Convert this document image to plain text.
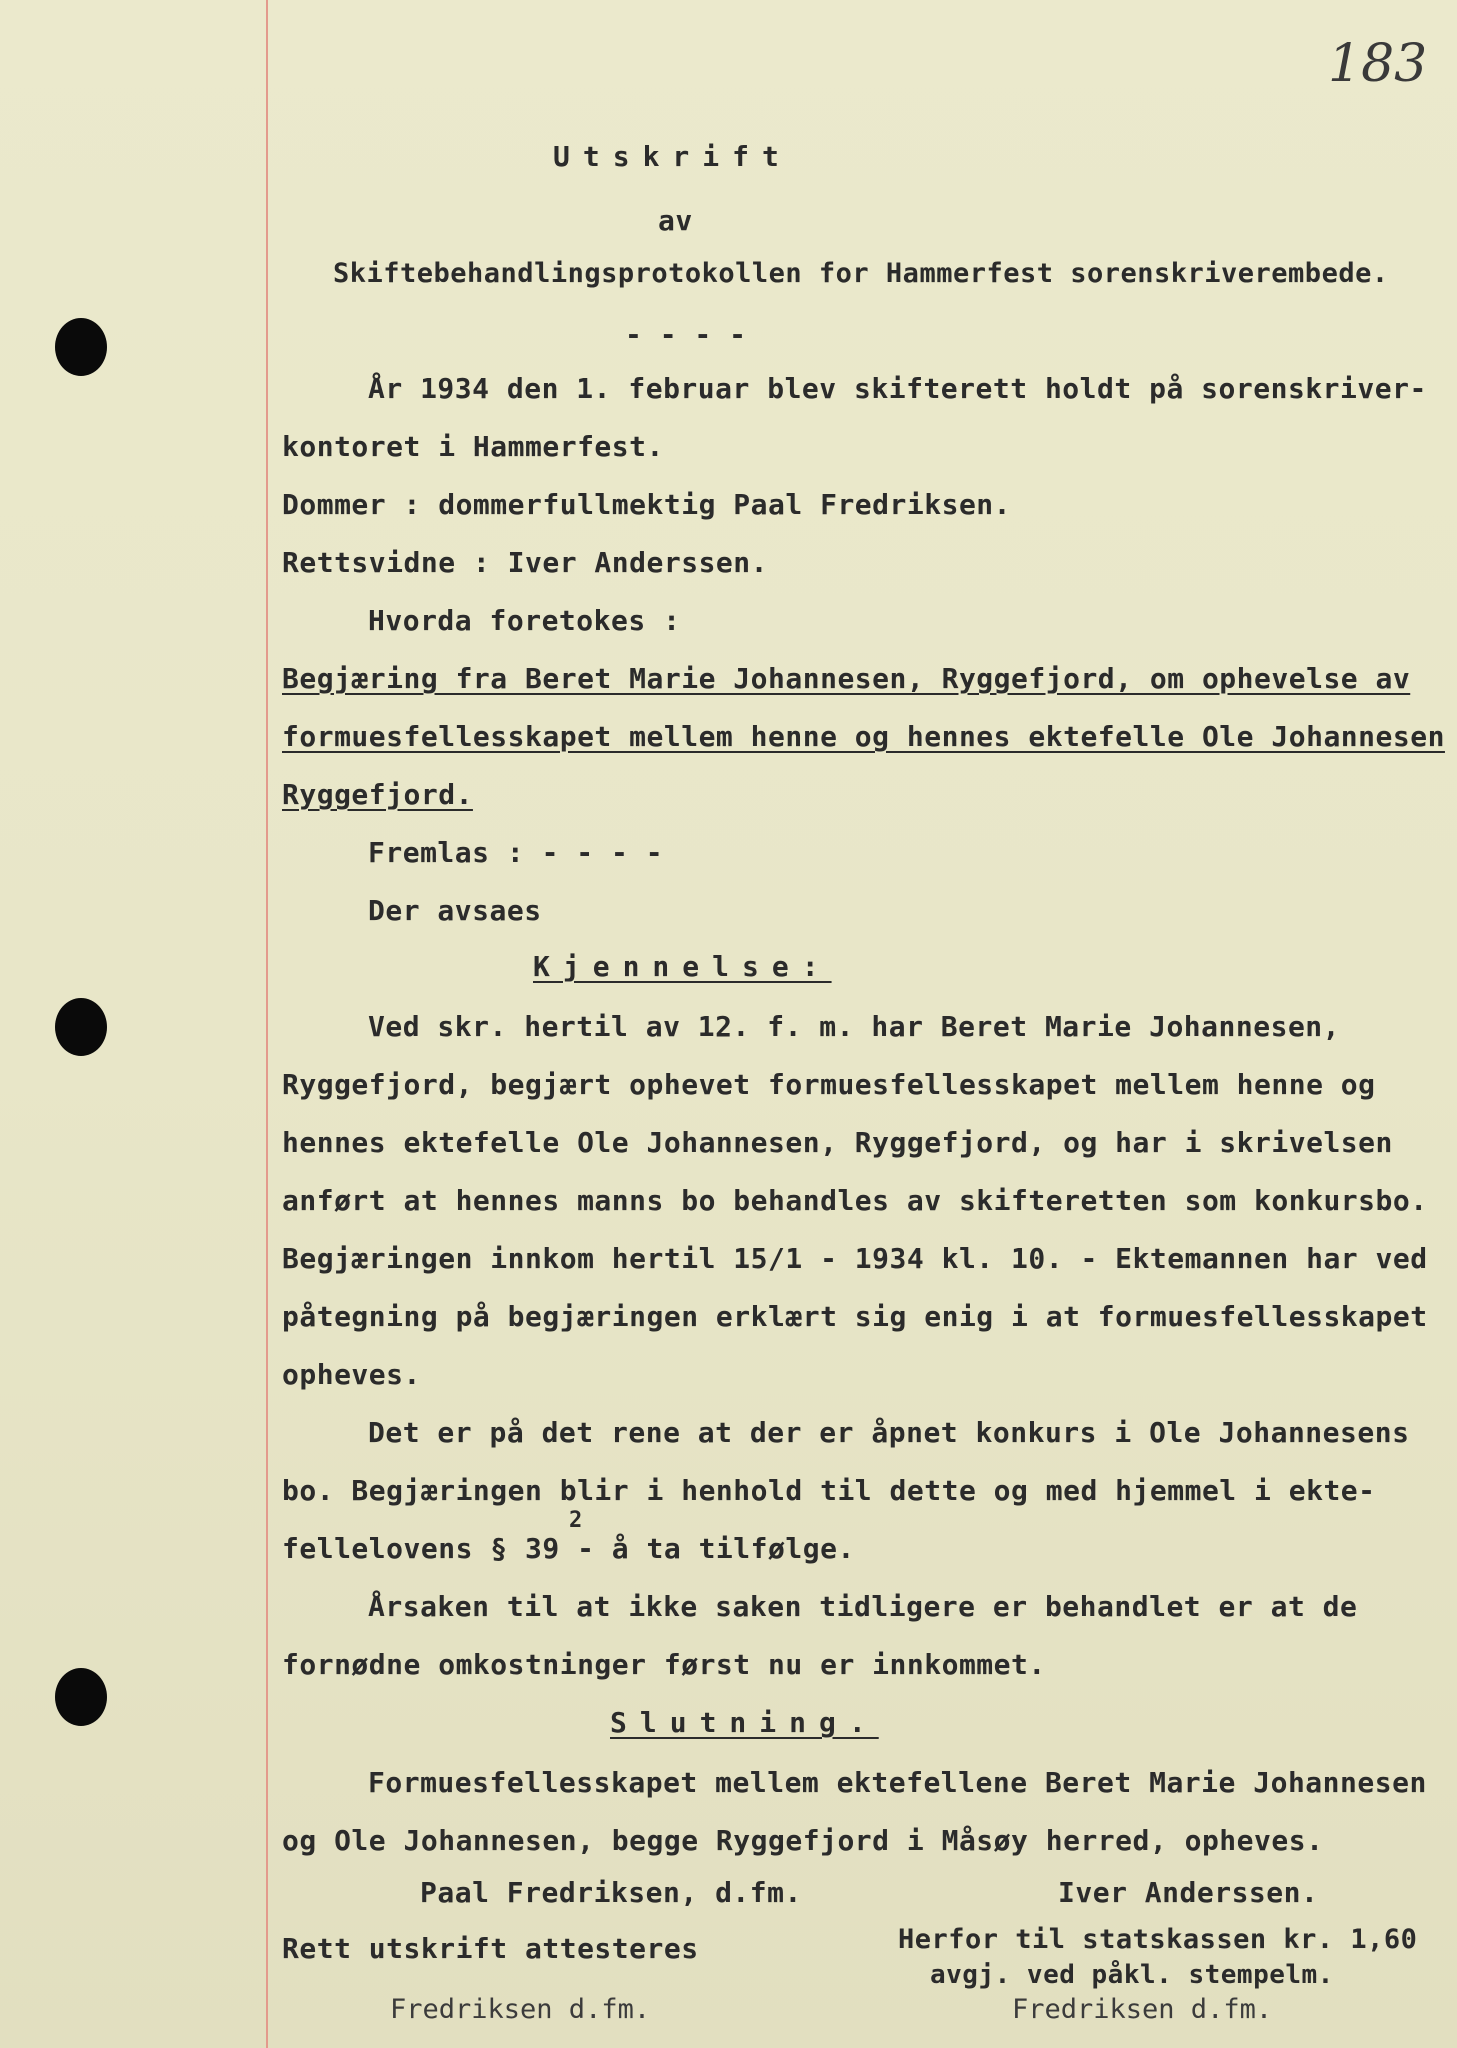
183
Utskrift
av
Skiftebehandlingsprotokollen for Hammerfest sorenskriverembede.
- - - -
År 1934 den 1. februar blev skifterett holdt på sorenskriver-
kontoret i Hammerfest.
Dommer : dommerfullmektig Paal Fredriksen.
Rettsvidne : Iver Anderssen.
Hvorda foretokes :
Begjæring fra Beret Marie Johannesen, Ryggefjord, om ophevelse av
formuesfellesskapet mellem henne og hennes ektefelle Ole Johannesen
Ryggefjord.
Fremlas : - - - -
Der avsaes
Kjennelse:
Ved skr. hertil av 12. f. m. har Beret Marie Johannesen,
Ryggefjord, begjært ophevet formuesfellesskapet mellem henne og
hennes ektefelle Ole Johannesen, Ryggefjord, og har i skrivelsen
anført at hennes manns bo behandles av skifteretten som konkursbo.
Begjæringen innkom hertil 15/1 - 1934 kl. 10. - Ektemannen har ved
påtegning på begjæringen erklært sig enig i at formuesfellesskapet
opheves.
Det er på det rene at der er åpnet konkurs i Ole Johannesens
bo. Begjæringen blir i henhold til dette og med hjemmel i ekte-
fellelovens § 39 - å ta tilfølge.
2
Årsaken til at ikke saken tidligere er behandlet er at de
fornødne omkostninger først nu er innkommet.
Slutning.
Formuesfellesskapet mellem ektefellene Beret Marie Johannesen
og Ole Johannesen, begge Ryggefjord i Måsøy herred, opheves.
Paal Fredriksen, d.fm.	Iver Anderssen.
Rett utskrift attesteres	Herfor til statskassen kr. 1,60
avgj. ved påkl. stempelm.
Fredriksen d.fm.	Fredriksen d.fm.
